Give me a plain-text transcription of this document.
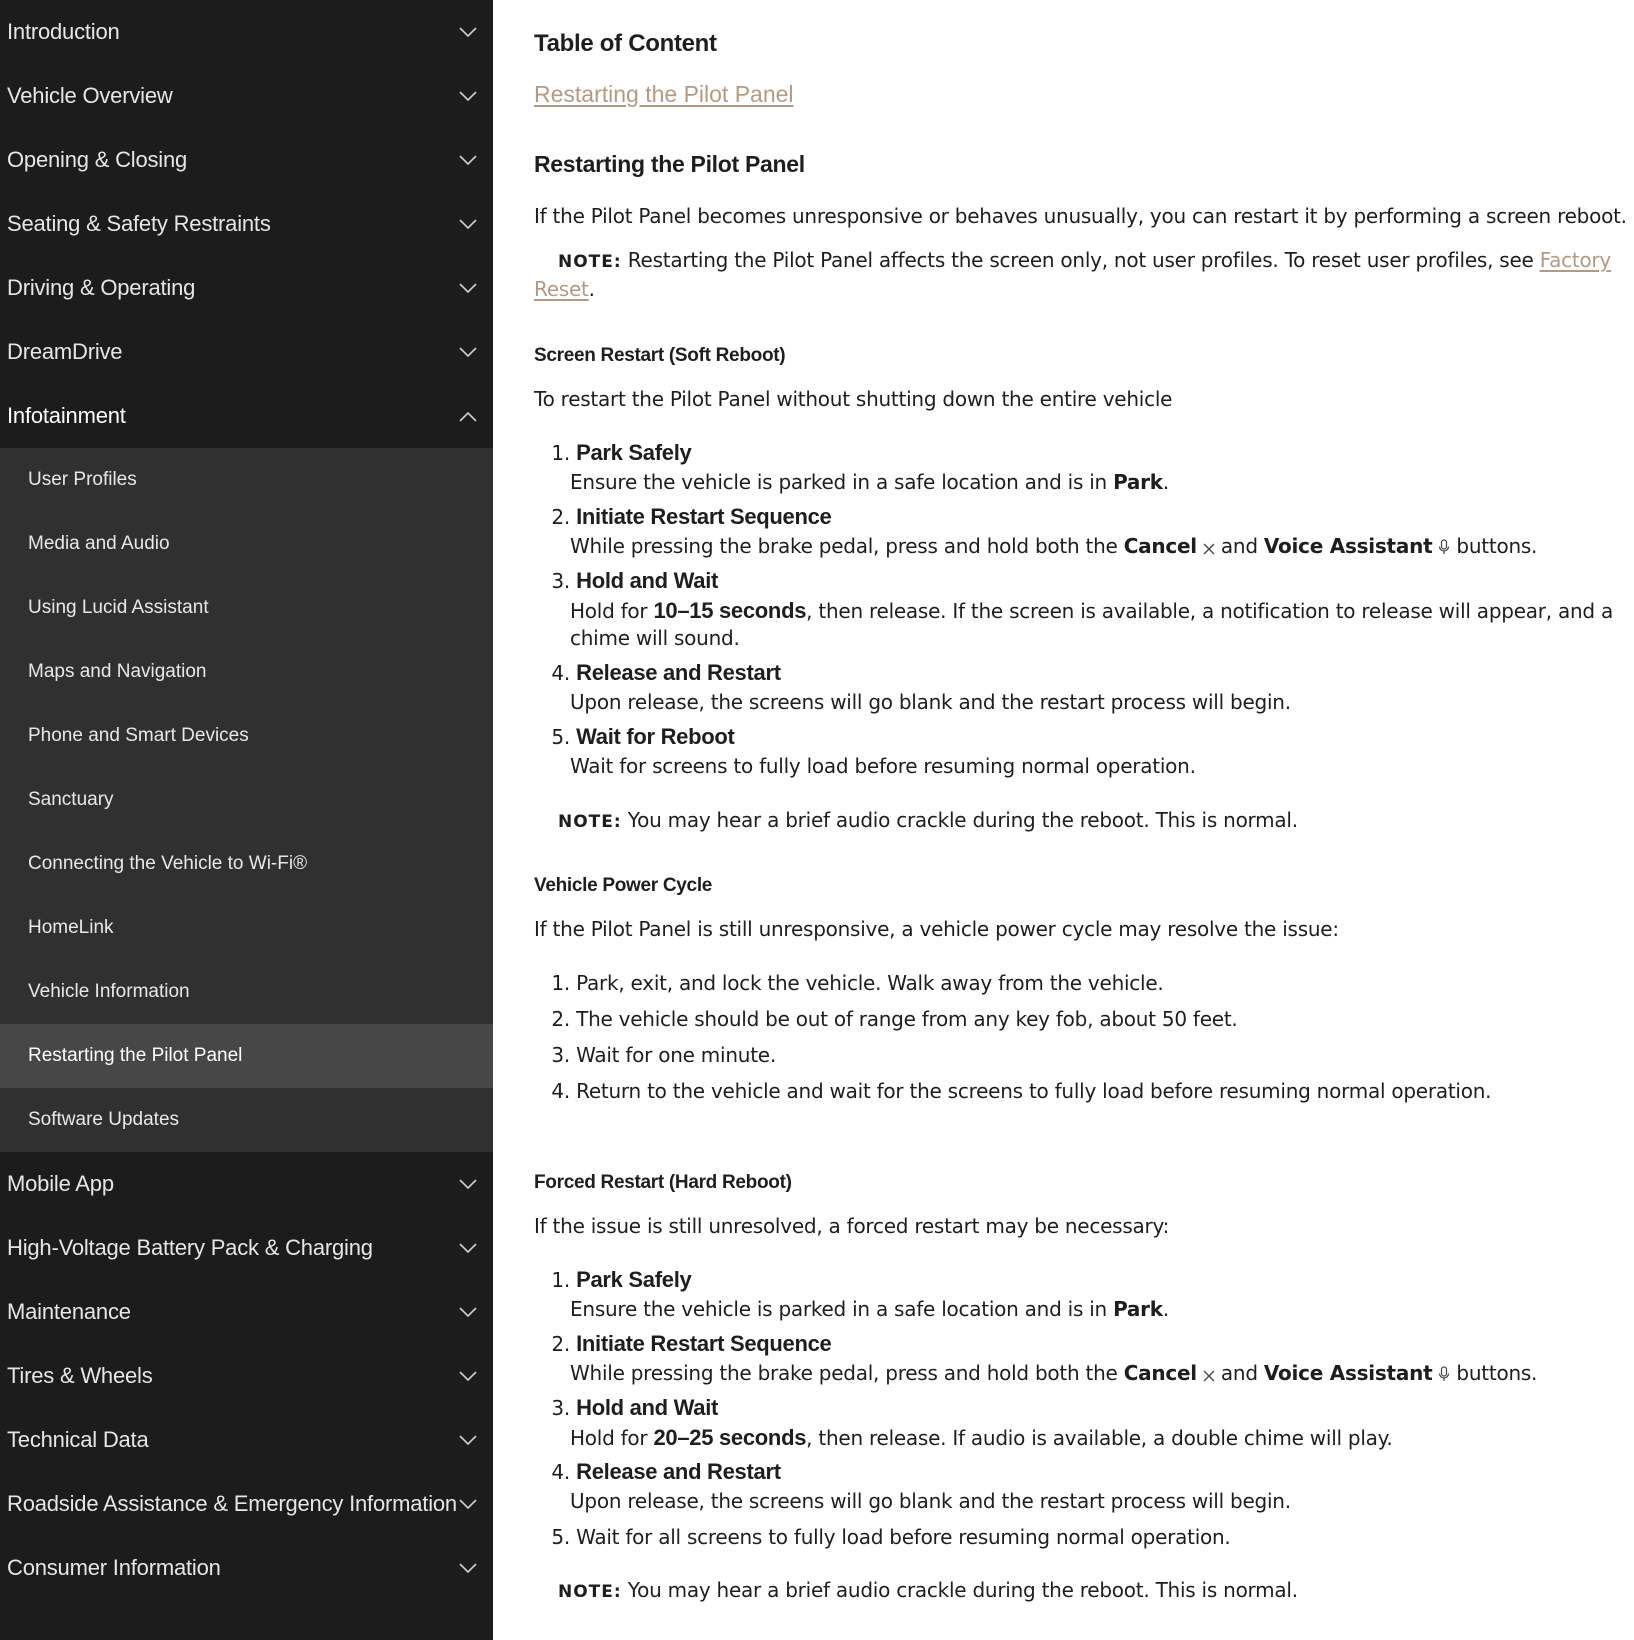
Introduction
Vehicle Overview
Opening & Closing
Seating & Safety Restraints
Driving & Operating
DreamDrive
Infotainment
User Profiles
Media and Audio
Using Lucid Assistant
Maps and Navigation
Phone and Smart Devices
Sanctuary
Connecting the Vehicle to Wi-Fi®
HomeLink
Vehicle Information
Restarting the Pilot Panel
Software Updates
Mobile App
High-Voltage Battery Pack & Charging
Maintenance
Tires & Wheels
Technical Data
Roadside Assistance & Emergency Information
Consumer Information
Table of Content
Restarting the Pilot Panel
Restarting the Pilot Panel
If the Pilot Panel becomes unresponsive or behaves unusually, you can restart it by performing a screen reboot.
NOTE: Restarting the Pilot Panel affects the screen only, not user profiles. To reset user profiles, see Factory
Reset.
Screen Restart (Soft Reboot)
To restart the Pilot Panel without shutting down the entire vehicle
1. Park Safely
Ensure the vehicle is parked in a safe location and is in Park.
2. Initiate Restart Sequence
While pressing the brake pedal, press and hold both the Cancel and Voice Assistant buttons.
3. Hold and Wait
Hold for 10–15 seconds, then release. If the screen is available, a notification to release will appear, and a
chime will sound.
4. Release and Restart
Upon release, the screens will go blank and the restart process will begin.
5. Wait for Reboot
Wait for screens to fully load before resuming normal operation.
NOTE: You may hear a brief audio crackle during the reboot. This is normal.
Vehicle Power Cycle
If the Pilot Panel is still unresponsive, a vehicle power cycle may resolve the issue:
1. Park, exit, and lock the vehicle. Walk away from the vehicle.
2. The vehicle should be out of range from any key fob, about 50 feet.
3. Wait for one minute.
4. Return to the vehicle and wait for the screens to fully load before resuming normal operation.
Forced Restart (Hard Reboot)
If the issue is still unresolved, a forced restart may be necessary:
1. Park Safely
Ensure the vehicle is parked in a safe location and is in Park.
2. Initiate Restart Sequence
While pressing the brake pedal, press and hold both the Cancel and Voice Assistant buttons.
3. Hold and Wait
Hold for 20–25 seconds, then release. If audio is available, a double chime will play.
4. Release and Restart
Upon release, the screens will go blank and the restart process will begin.
5. Wait for all screens to fully load before resuming normal operation.
NOTE: You may hear a brief audio crackle during the reboot. This is normal.
